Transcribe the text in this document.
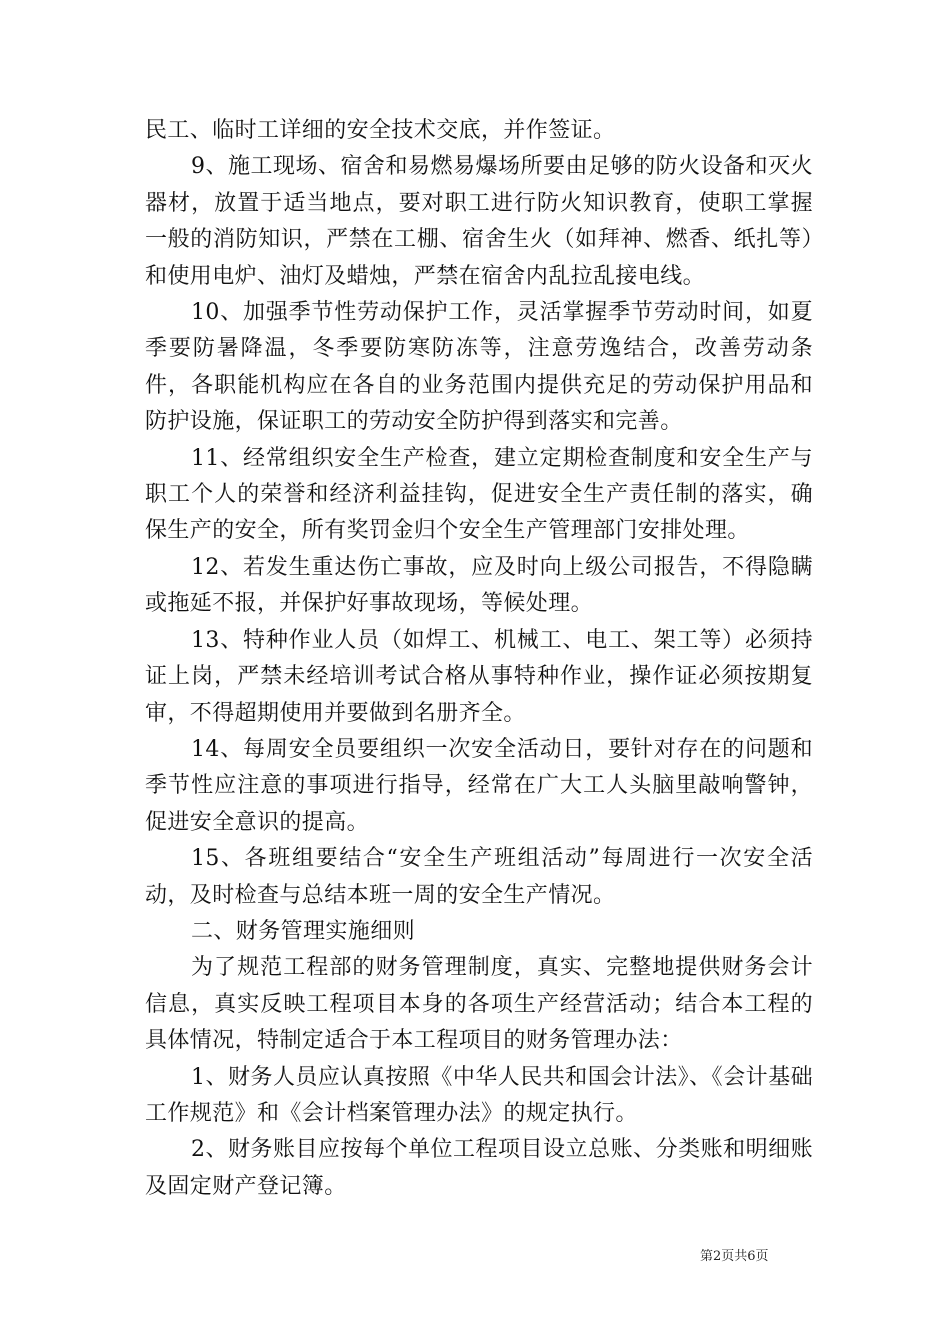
民工、临时工详细的安全技术交底，并作签证。

9、施工现场、宿舍和易燃易爆场所要由足够的防火设备和灭火器材，放置于适当地点，要对职工进行防火知识教育，使职工掌握一般的消防知识，严禁在工棚、宿舍生火（如拜神、燃香、纸扎等）和使用电炉、油灯及蜡烛，严禁在宿舍内乱拉乱接电线。

10、加强季节性劳动保护工作，灵活掌握季节劳动时间，如夏季要防暑降温，冬季要防寒防冻等，注意劳逸结合，改善劳动条件，各职能机构应在各自的业务范围内提供充足的劳动保护用品和防护设施，保证职工的劳动安全防护得到落实和完善。

11、经常组织安全生产检查，建立定期检查制度和安全生产与职工个人的荣誉和经济利益挂钩，促进安全生产责任制的落实，确保生产的安全，所有奖罚金归个安全生产管理部门安排处理。

12、若发生重达伤亡事故，应及时向上级公司报告，不得隐瞒或拖延不报，并保护好事故现场，等候处理。

13、特种作业人员（如焊工、机械工、电工、架工等）必须持证上岗，严禁未经培训考试合格从事特种作业，操作证必须按期复审，不得超期使用并要做到名册齐全。

14、每周安全员要组织一次安全活动日，要针对存在的问题和季节性应注意的事项进行指导，经常在广大工人头脑里敲响警钟，促进安全意识的提高。

15、各班组要结合“安全生产班组活动”每周进行一次安全活动，及时检查与总结本班一周的安全生产情况。

二、财务管理实施细则

为了规范工程部的财务管理制度，真实、完整地提供财务会计信息，真实反映工程项目本身的各项生产经营活动；结合本工程的具体情况，特制定适合于本工程项目的财务管理办法：

1、财务人员应认真按照《中华人民共和国会计法》、《会计基础工作规范》和《会计档案管理办法》的规定执行。

2、财务账目应按每个单位工程项目设立总账、分类账和明细账及固定财产登记簿。

第2页共6页
